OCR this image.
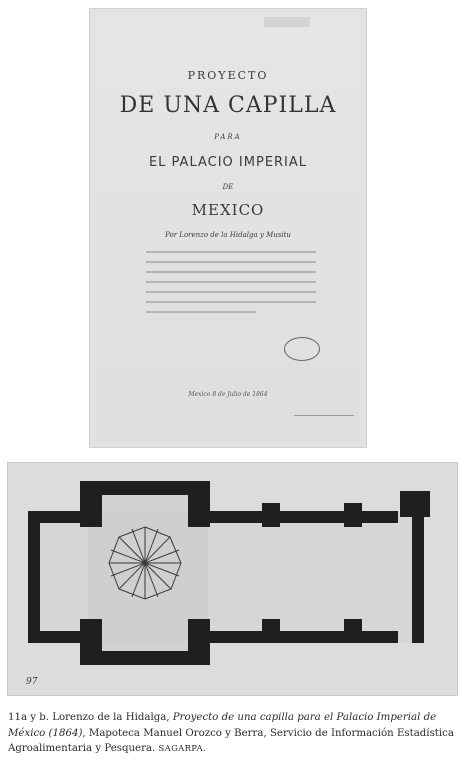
PROYECTO
DE UNA CAPILLA
PARA
EL PALACIO IMPERIAL
DE
MEXICO
Por Lorenzo de la Hidalga y Musitu
Mexico 8 de Julio de 1864
97
11a y b. Lorenzo de la Hidalga, Proyecto de una capilla para el Palacio Imperial de México (1864), Mapoteca Manuel Orozco y Berra, Servicio de Información Estadística Agroalimentaria y Pesquera. SAGARPA.
